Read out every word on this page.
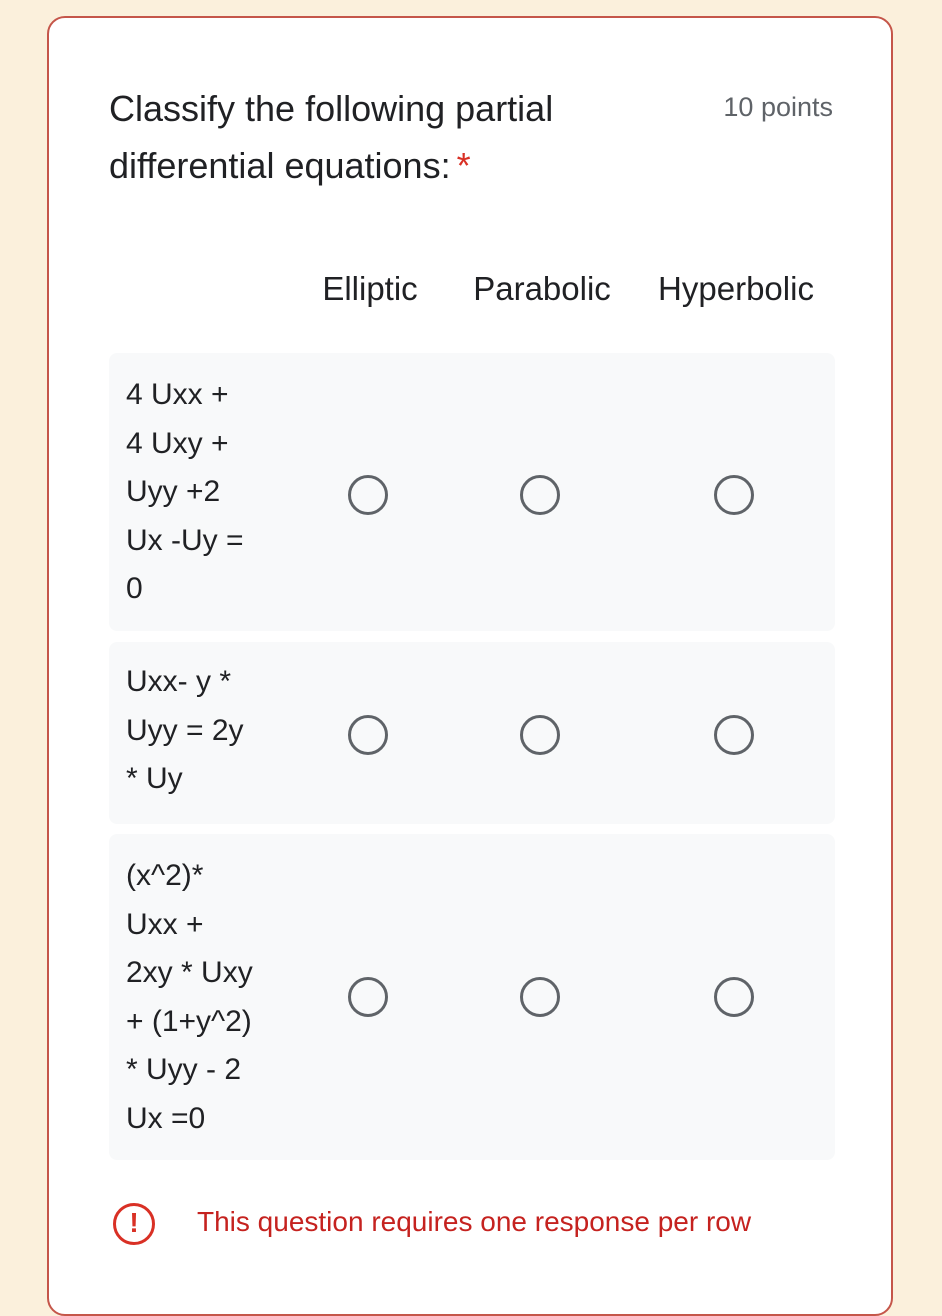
Classify the following partial differential equations: *
10 points
Elliptic Parabolic Hyperbolic
4 Uxx +
4 Uxy +
Uyy +2
Ux -Uy =
0
Uxx- y *
Uyy = 2y
* Uy
(x^2)*
Uxx +
2xy * Uxy
+ (1+y^2)
* Uyy - 2
Ux =0
!	This question requires one response per row
